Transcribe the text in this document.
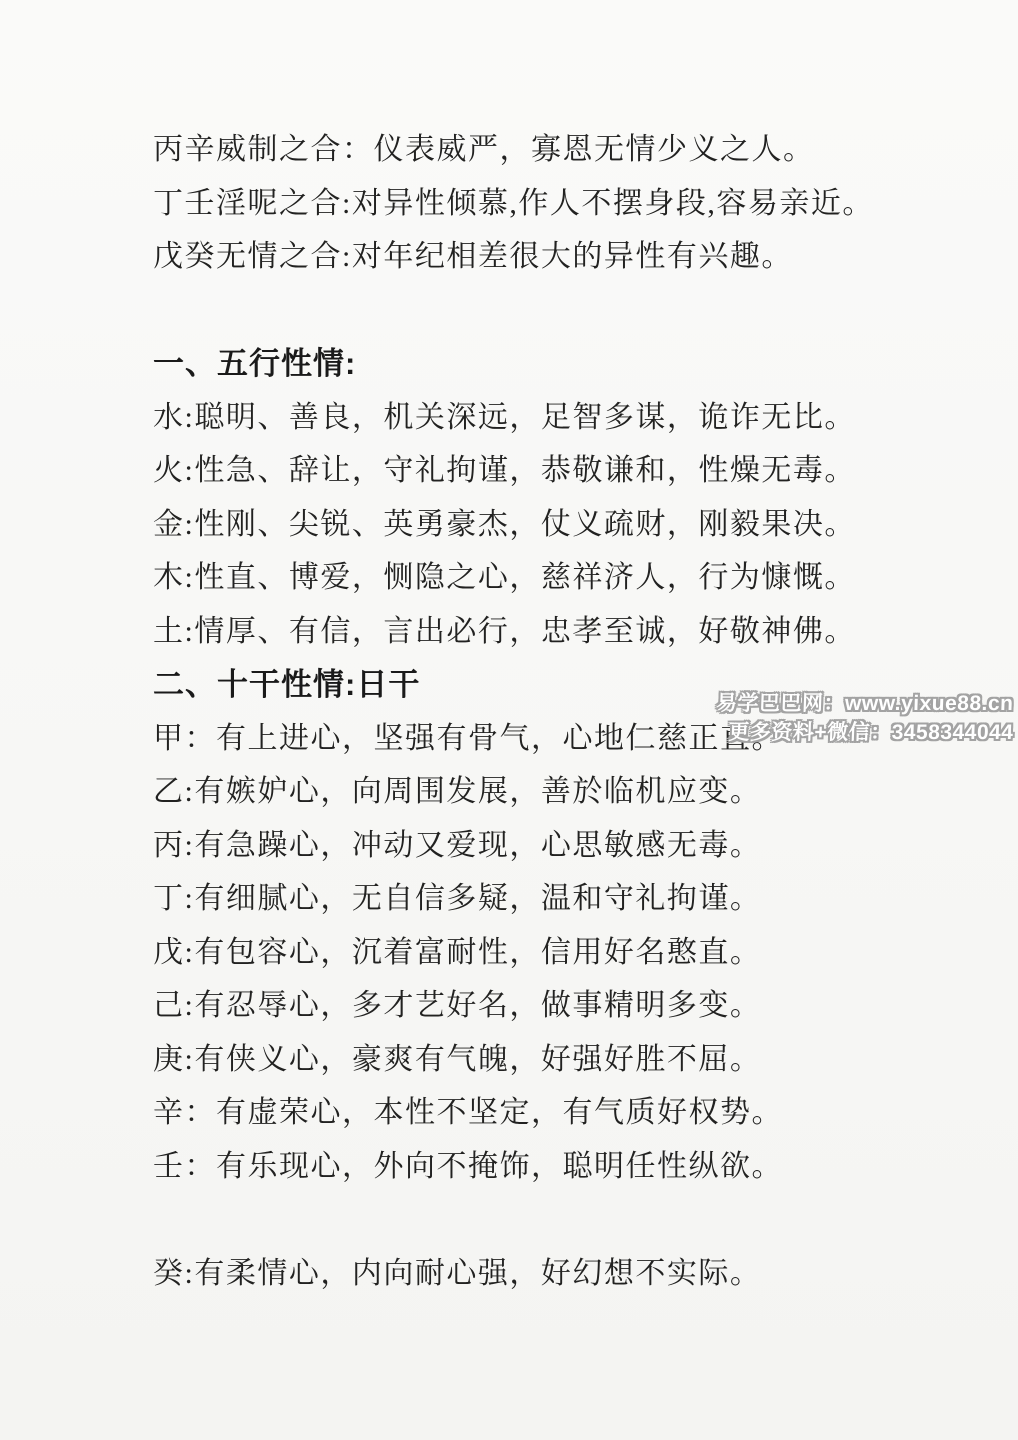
丙辛威制之合：仪表威严，寡恩无情少义之人。

丁壬淫呢之合:对异性倾慕,作人不摆身段,容易亲近。

戊癸无情之合:对年纪相差很大的异性有兴趣。

一、五行性情:

水:聪明、善良，机关深远，足智多谋，诡诈无比。

火:性急、辞让，守礼拘谨，恭敬谦和，性燥无毒。

金:性刚、尖锐、英勇豪杰，仗义疏财，刚毅果决。

木:性直、博爱，恻隐之心，慈祥济人，行为慷慨。

土:情厚、有信，言出必行，忠孝至诚，好敬神佛。

二、十干性情:日干

甲：有上进心，坚强有骨气，心地仁慈正直。

乙:有嫉妒心，向周围发展，善於临机应变。

丙:有急躁心，冲动又爱现，心思敏感无毒。

丁:有细腻心，无自信多疑，温和守礼拘谨。

戊:有包容心，沉着富耐性，信用好名憨直。

己:有忍辱心，多才艺好名，做事精明多变。

庚:有侠义心，豪爽有气魄，好强好胜不屈。

辛：有虚荣心，本性不坚定，有气质好权势。

壬：有乐现心，外向不掩饰，聪明任性纵欲。

癸:有柔情心，内向耐心强，好幻想不实际。

易学巴巴网：www.yixue88.cn
更多资料+微信：3458344044
